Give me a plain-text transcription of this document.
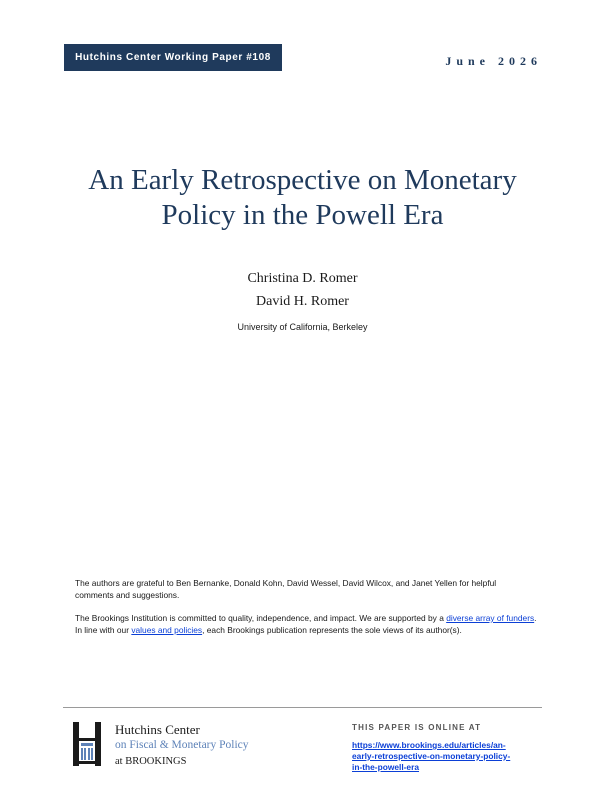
Hutchins Center Working Paper #108	June 2026
An Early Retrospective on Monetary
Policy in the Powell Era
Christina D. Romer
David H. Romer
University of California, Berkeley

The authors are grateful to Ben Bernanke, Donald Kohn, David Wessel, David Wilcox, and Janet Yellen for helpful comments and suggestions.

The Brookings Institution is committed to quality, independence, and impact. We are supported by a diverse array of funders. In line with our values and policies, each Brookings publication represents the sole views of its author(s).

Hutchins Center
on Fiscal & Monetary Policy
at BROOKINGS
THIS PAPER IS ONLINE AT
https://www.brookings.edu/articles/an-
early-retrospective-on-monetary-policy-
in-the-powell-era
